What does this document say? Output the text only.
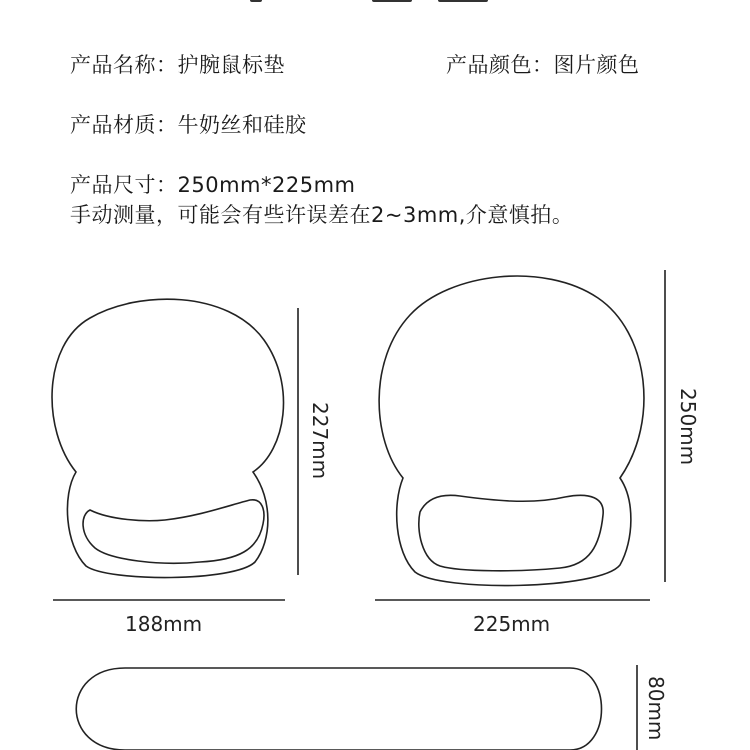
产品名称：护腕鼠标垫	产品颜色：图片颜色
产品材质：牛奶丝和硅胶
产品尺寸：250mm*225mm
手动测量，可能会有些许误差在2~3mm,介意慎拍。
227mm
188mm
250mm
225mm
80mm
